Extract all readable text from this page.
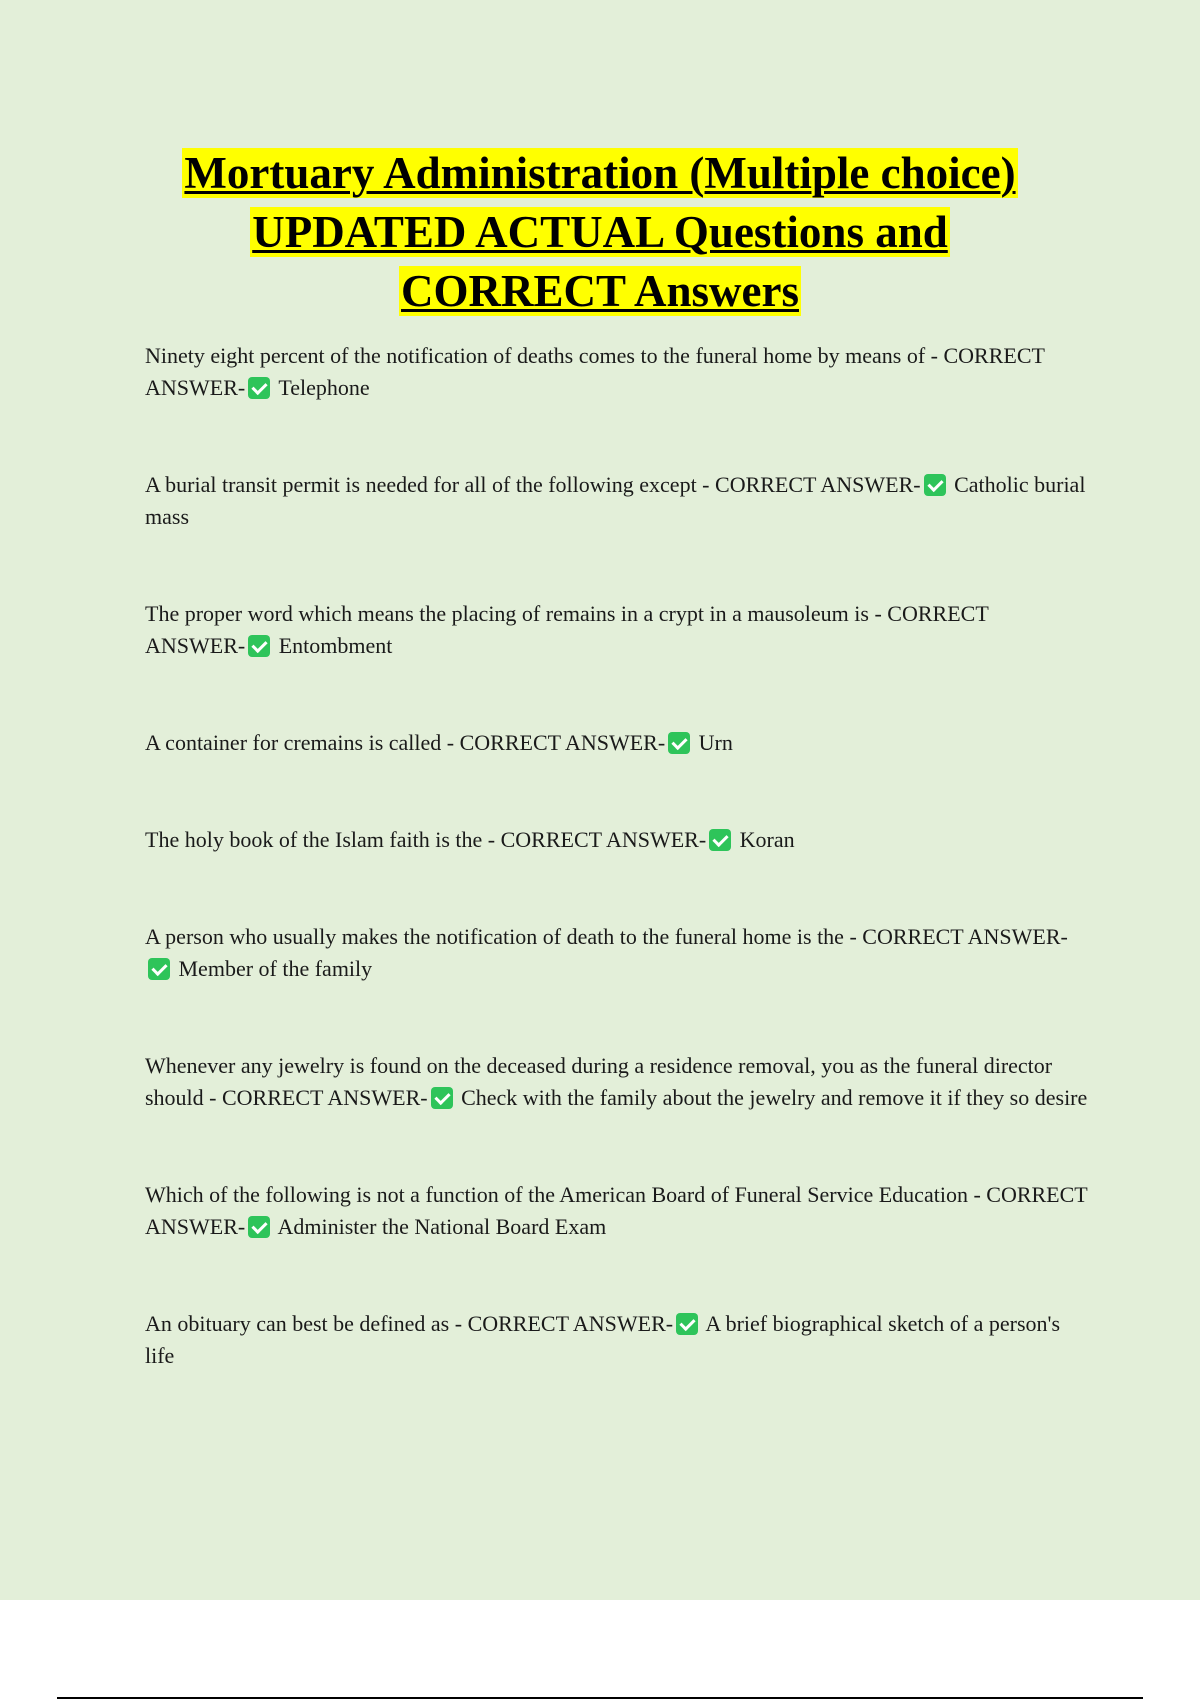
Mortuary Administration (Multiple choice)
UPDATED ACTUAL Questions and
CORRECT Answers
Ninety eight percent of the notification of deaths comes to the funeral home by means of - CORRECT ANSWER- Telephone
A burial transit permit is needed for all of the following except - CORRECT ANSWER- Catholic burial mass
The proper word which means the placing of remains in a crypt in a mausoleum is - CORRECT ANSWER- Entombment
A container for cremains is called - CORRECT ANSWER- Urn
The holy book of the Islam faith is the - CORRECT ANSWER- Koran
A person who usually makes the notification of death to the funeral home is the - CORRECT ANSWER- Member of the family
Whenever any jewelry is found on the deceased during a residence removal, you as the funeral director should - CORRECT ANSWER- Check with the family about the jewelry and remove it if they so desire
Which of the following is not a function of the American Board of Funeral Service Education - CORRECT ANSWER- Administer the National Board Exam
An obituary can best be defined as - CORRECT ANSWER- A brief biographical sketch of a person's life
